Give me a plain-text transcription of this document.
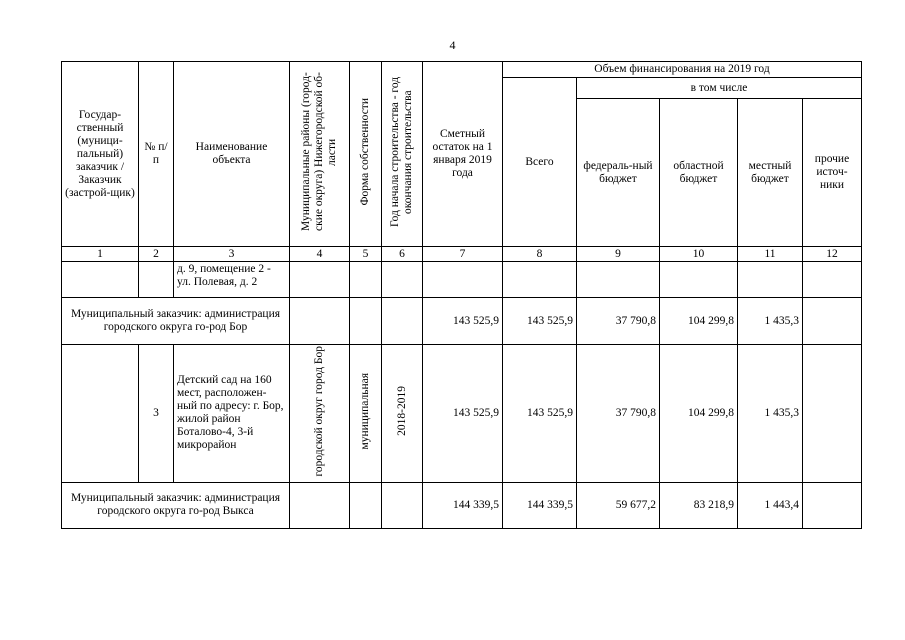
4
Государ-ственный (муници-пальный) заказчик / Заказчик (застрой-щик)	№ п/п	Наименование объекта	Муниципальные районы (город-ские округа) Нижегородской об-ласти	Форма собственности	Год начала строительства - год окончания строительства	Сметный остаток на 1 января 2019 года	Объем финансирования на 2019 год				
							Всего	в том числе			
								федераль-ный бюджет	областной бюджет	местный бюджет	прочие источ-ники
1	2	3	4	5	6	7	8	9	10	11	12
		д. 9, помещение 2 - ул. Полевая, д. 2									
Муниципальный заказчик: администрация городского округа го-род Бор						143 525,9	143 525,9	37 790,8	104 299,8	1 435,3	
	3	Детский сад на 160 мест, расположен-ный по адресу: г. Бор, жилой район Боталово-4, 3-й микрорайон	городской округ город Бор	муниципальная	2018-2019	143 525,9	143 525,9	37 790,8	104 299,8	1 435,3	
Муниципальный заказчик: администрация городского округа го-род Выкса						144 339,5	144 339,5	59 677,2	83 218,9	1 443,4	
